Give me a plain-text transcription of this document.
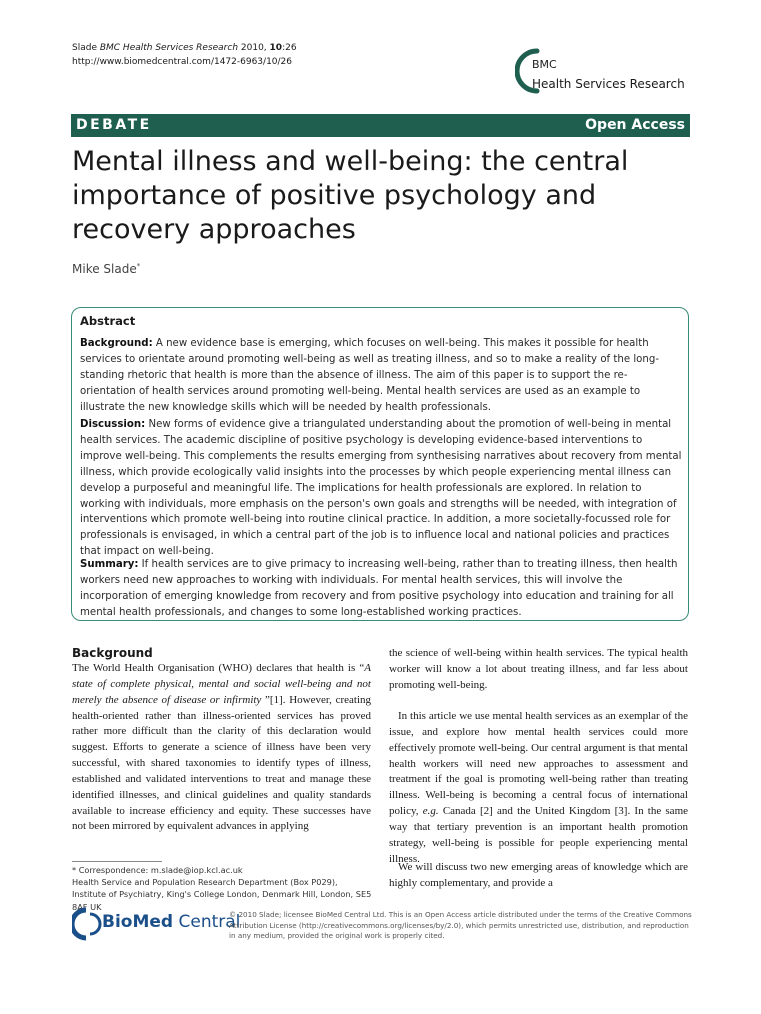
Slade BMC Health Services Research 2010, 10:26
http://www.biomedcentral.com/1472-6963/10/26	BMC
Health Services Research
DEBATE	Open Access
Mental illness and well-being: the central importance of positive psychology and recovery approaches
Mike Slade*
Abstract

Background: A new evidence base is emerging, which focuses on well-being. This makes it possible for health services to orientate around promoting well-being as well as treating illness, and so to make a reality of the long-standing rhetoric that health is more than the absence of illness. The aim of this paper is to support the re-orientation of health services around promoting well-being. Mental health services are used as an example to illustrate the new knowledge skills which will be needed by health professionals.

Discussion: New forms of evidence give a triangulated understanding about the promotion of well-being in mental health services. The academic discipline of positive psychology is developing evidence-based interventions to improve well-being. This complements the results emerging from synthesising narratives about recovery from mental illness, which provide ecologically valid insights into the processes by which people experiencing mental illness can develop a purposeful and meaningful life. The implications for health professionals are explored. In relation to working with individuals, more emphasis on the person's own goals and strengths will be needed, with integration of interventions which promote well-being into routine clinical practice. In addition, a more societally-focussed role for professionals is envisaged, in which a central part of the job is to influence local and national policies and practices that impact on well-being.

Summary: If health services are to give primacy to increasing well-being, rather than to treating illness, then health workers need new approaches to working with individuals. For mental health services, this will involve the incorporation of emerging knowledge from recovery and from positive psychology into education and training for all mental health professionals, and changes to some long-established working practices.

Background

The World Health Organisation (WHO) declares that health is “A state of complete physical, mental and social well-being and not merely the absence of disease or infirmity ”[1]. However, creating health-oriented rather than illness-oriented services has proved rather more difficult than the clarity of this declaration would suggest. Efforts to generate a science of illness have been very successful, with shared taxonomies to identify types of illness, established and validated interventions to treat and manage these identified illnesses, and clinical guidelines and quality standards available to increase efficiency and equity. These successes have not been mirrored by equivalent advances in applying

the science of well-being within health services. The typical health worker will know a lot about treating illness, and far less about promoting well-being.

In this article we use mental health services as an exemplar of the issue, and explore how mental health services could more effectively promote well-being. Our central argument is that mental health workers will need new approaches to assessment and treatment if the goal is promoting well-being rather than treating illness. Well-being is becoming a central focus of international policy, e.g. Canada [2] and the United Kingdom [3]. In the same way that tertiary prevention is an important health promotion strategy, well-being is possible for people experiencing mental illness.

We will discuss two new emerging areas of knowledge which are highly complementary, and provide a

* Correspondence: m.slade@iop.kcl.ac.uk
Health Service and Population Research Department (Box P029), Institute of Psychiatry, King's College London, Denmark Hill, London, SE5 8AF UK
BioMed Central

© 2010 Slade; licensee BioMed Central Ltd. This is an Open Access article distributed under the terms of the Creative Commons Attribution License (http://creativecommons.org/licenses/by/2.0), which permits unrestricted use, distribution, and reproduction in any medium, provided the original work is properly cited.
